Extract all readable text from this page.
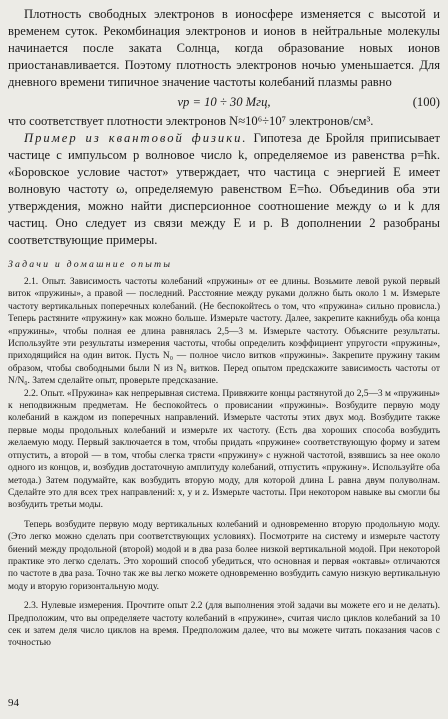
Плотность свободных электронов в ионосфере изменяется с высотой и временем суток. Рекомбинация электронов и ионов в нейтральные молекулы начинается после заката Солнца, когда образование новых ионов приостанавливается. Поэтому плотность электронов ночью уменьшается. Для дневного времени типичное значение частоты колебаний плазмы равно

νp = 10 ÷ 30 Мгц,	(100)

что соответствует плотности электронов N≈10⁶÷10⁷ электронов/см³.

Пример из квантовой физики. Гипотеза де Бройля приписывает частице с импульсом p волновое число k, определяемое из равенства p=ħk. «Боровское условие частот» утверждает, что частица с энергией E имеет волновую частоту ω, определяемую равенством E=ħω. Объединив оба эти утверждения, можно найти дисперсионное соотношение между ω и k для частиц. Оно следует из связи между E и p. В дополнении 2 разобраны соответствующие примеры.

Задачи и домашние опыты

2.1. Опыт. Зависимость частоты колебаний «пружины» от ее длины. Возьмите левой рукой первый виток «пружины», а правой — последний. Расстояние между руками должно быть около 1 м. Измерьте частоту вертикальных поперечных колебаний. (Не беспокойтесь о том, что «пружина» сильно провисла.) Теперь растяните «пружину» как можно больше. Измерьте частоту. Далее, закрепите какнибудь оба конца «пружины», чтобы полная ее длина равнялась 2,5—3 м. Измерьте частоту. Объясните результаты. Используйте эти результаты измерения частоты, чтобы определить коэффициент упругости «пружины», приходящийся на один виток. Пусть N₀ — полное число витков «пружины». Закрепите пружину таким образом, чтобы свободными были N из N₀ витков. Перед опытом предскажите зависимость частоты от N/N₀. Затем сделайте опыт, проверьте предсказание.

2.2. Опыт. «Пружина» как непрерывная система. Привяжите концы растянутой до 2,5—3 м «пружины» к неподвижным предметам. Не беспокойтесь о провисании «пружины». Возбудите первую моду колебаний в каждом из поперечных направлений. Измерьте частоты этих двух мод. Возбудите также первые моды продольных колебаний и измерьте их частоту. (Есть два хороших способа возбудить желаемую моду. Первый заключается в том, чтобы придать «пружине» соответствующую форму и затем отпустить, а второй — в том, чтобы слегка трясти «пружину» с нужной частотой, взявшись за нее около одного из концов, и, возбудив достаточную амплитуду колебаний, отпустить «пружину». Используйте оба метода.) Затем подумайте, как возбудить вторую моду, для которой длина L равна двум полуволнам. Сделайте это для всех трех направлений: x, y и z. Измерьте частоты. При некотором навыке вы смогли бы возбудить третьи моды.

Теперь возбудите первую моду вертикальных колебаний и одновременно вторую продольную моду. (Это легко можно сделать при соответствующих условиях). Посмотрите на систему и измерьте частоту биений между продольной (второй) модой и в два раза более низкой вертикальной модой. При некоторой практике это легко сделать. Это хороший способ убедиться, что основная и первая «октавы» отличаются по частоте в два раза. Точно так же вы легко можете одновременно возбудить самую низкую вертикальную моду и вторую горизонтальную моду.

2.3. Нулевые измерения. Прочтите опыт 2.2 (для выполнения этой задачи вы можете его и не делать). Предположим, что вы определяете частоту колебаний в «пружине», считая число циклов колебаний за 10 сек и затем деля число циклов на время. Предположим далее, что вы можете читать показания часов с точностью

94
